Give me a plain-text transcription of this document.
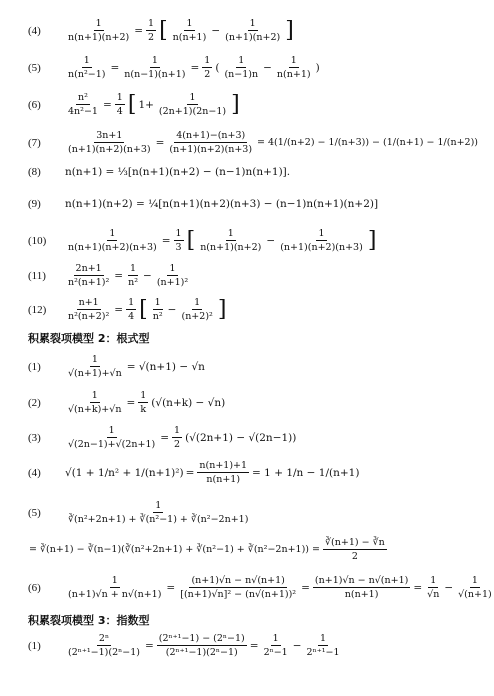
(4)	$\frac{1}{n(n+1)(n+2)} = \frac{1}{2}$ [ $\frac{1}{n(n+1)} - \frac{1}{(n+1)(n+2)}$ ]
(5)	$\frac{1}{\text{n(n²−1)}} = \frac{1}{n(n-1)(n+1)} = \frac{1}{2}$ ( $\frac{1}{(n-1)n} - \frac{1}{n(n+1)}$ )
(6)	$\frac{\text{n²}}{\text{4n²−1}} = \frac{1}{4}$ [ $1+ \frac{1}{(2n+1)(2n-1)}$ ]
(7)	$\frac{3n+1}{(n+1)(n+2)(n+3)} = \frac{4(n+1)-(n+3)}{(n+1)(n+2)(n+3)} = 4(1/(n+2) - 1/(n+3)) - (1/(n+1) - 1/(n+2))$
(8)	n(n+1) = ⅓[n(n+1)(n+2) − (n−1)n(n+1)].
(9)	n(n+1)(n+2) = ¼[n(n+1)(n+2)(n+3) − (n−1)n(n+1)(n+2)]
(10)	$\frac{1}{n(n+1)(n+2)(n+3)} = \frac{1}{3}$ [ $\frac{1}{n(n+1)(n+2)} - \frac{1}{(n+1)(n+2)(n+3)}$ ]
(11)	$\frac{2n+1}{\text{n²(n+1)²}} = \frac{1}{\text{n²}} - \frac{1}{\text{(n+1)²}}$
(12)	$\frac{n+1}{\text{n²(n+2)²}} = \frac{1}{4}$ [ $\frac{1}{\text{n²}} - \frac{1}{\text{(n+2)²}}$ ]
积累裂项模型 2：根式型
(1)	$\frac{1}{√(n+1)+√n} = √(n+1) - √n$
(2)	$\frac{1}{√(n+k)+√n} = \frac{1}{k} (√(n+k) - √n)$
(3)	$\frac{1}{√(2n-1)+√(2n+1)} = \frac{1}{2} (√(2n+1) - √(2n-1))$
(4)	$√(1 + 1/n^2 + 1/(n+1)^2) = \frac{n(n+1)+1}{n(n+1)} = 1 + 1/n - 1/(n+1)$
(5)	$\frac{1}{\text{∛(n²+2n+1) + ∛(n²−1) + ∛(n²−2n+1)}}$
= ∛(n+1) − ∛(n−1)(∛(n²+2n+1) + ∛(n²−1) + ∛(n²−2n+1)) = $\frac{∛(n+1) - ∛n}{2}$
(6)	$\frac{1}{(n+1)√n + n√(n+1)} = \frac{(n+1)√n - n√(n+1)}{\text{[(n+1)√n]² − (n√(n+1))²}} = \frac{(n+1)√n - n√(n+1)}{n(n+1)} = \frac{1}{√n} - \frac{1}{√(n+1)}$
积累裂项模型 3：指数型
(1)	$\frac{\text{2ⁿ}}{\text{(2ⁿ⁺¹−1)(2ⁿ−1)}} = \frac{\text{(2ⁿ⁺¹−1) − (2ⁿ−1)}}{\text{(2ⁿ⁺¹−1)(2ⁿ−1)}} = \frac{1}{\text{2ⁿ−1}} - \frac{1}{\text{2ⁿ⁺¹−1}}$
